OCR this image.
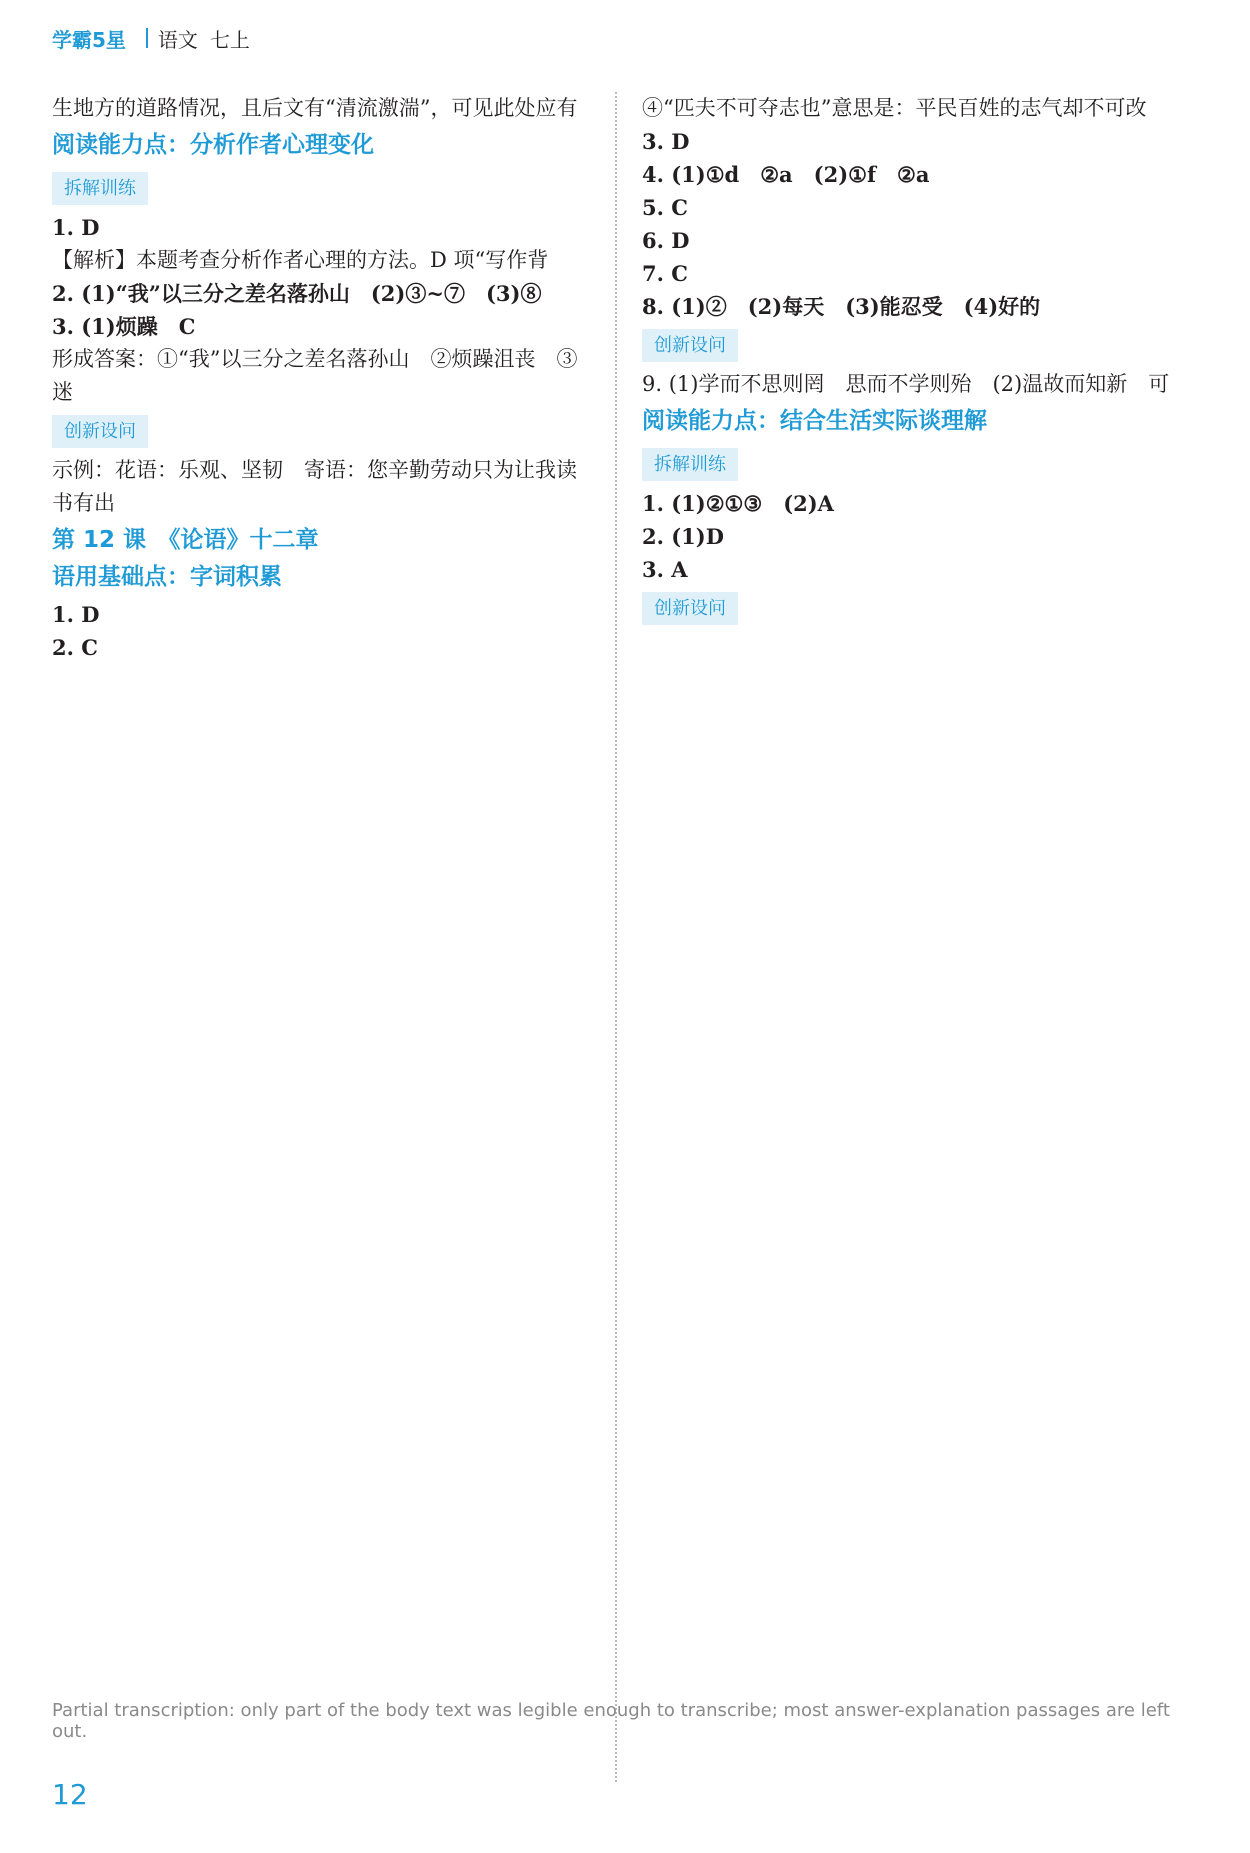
学霸5星 语文 七上

生地方的道路情况，且后文有“清流激湍”，可见此处应有

阅读能力点：分析作者心理变化

拆解训练

1. D

【解析】本题考查分析作者心理的方法。D 项“写作背

2. (1)“我”以三分之差名落孙山　(2)③~⑦　(3)⑧

3. (1)烦躁　C

形成答案：①“我”以三分之差名落孙山　②烦躁沮丧　③迷

创新设问

示例：花语：乐观、坚韧　寄语：您辛勤劳动只为让我读书有出

第 12 课　《论语》十二章

语用基础点：字词积累

1. D

2. C

④“匹夫不可夺志也”意思是：平民百姓的志气却不可改

3. D

4. (1)①d　②a　(2)①f　②a

5. C

6. D

7. C

8. (1)②　(2)每天　(3)能忍受　(4)好的

创新设问

9. (1)学而不思则罔　思而不学则殆　(2)温故而知新　可

阅读能力点：结合生活实际谈理解

拆解训练

1. (1)②①③　(2)A

2. (1)D

3. A

创新设问

Partial transcription: only part of the body text was legible enough to transcribe; most answer-explanation passages are left out.
12
